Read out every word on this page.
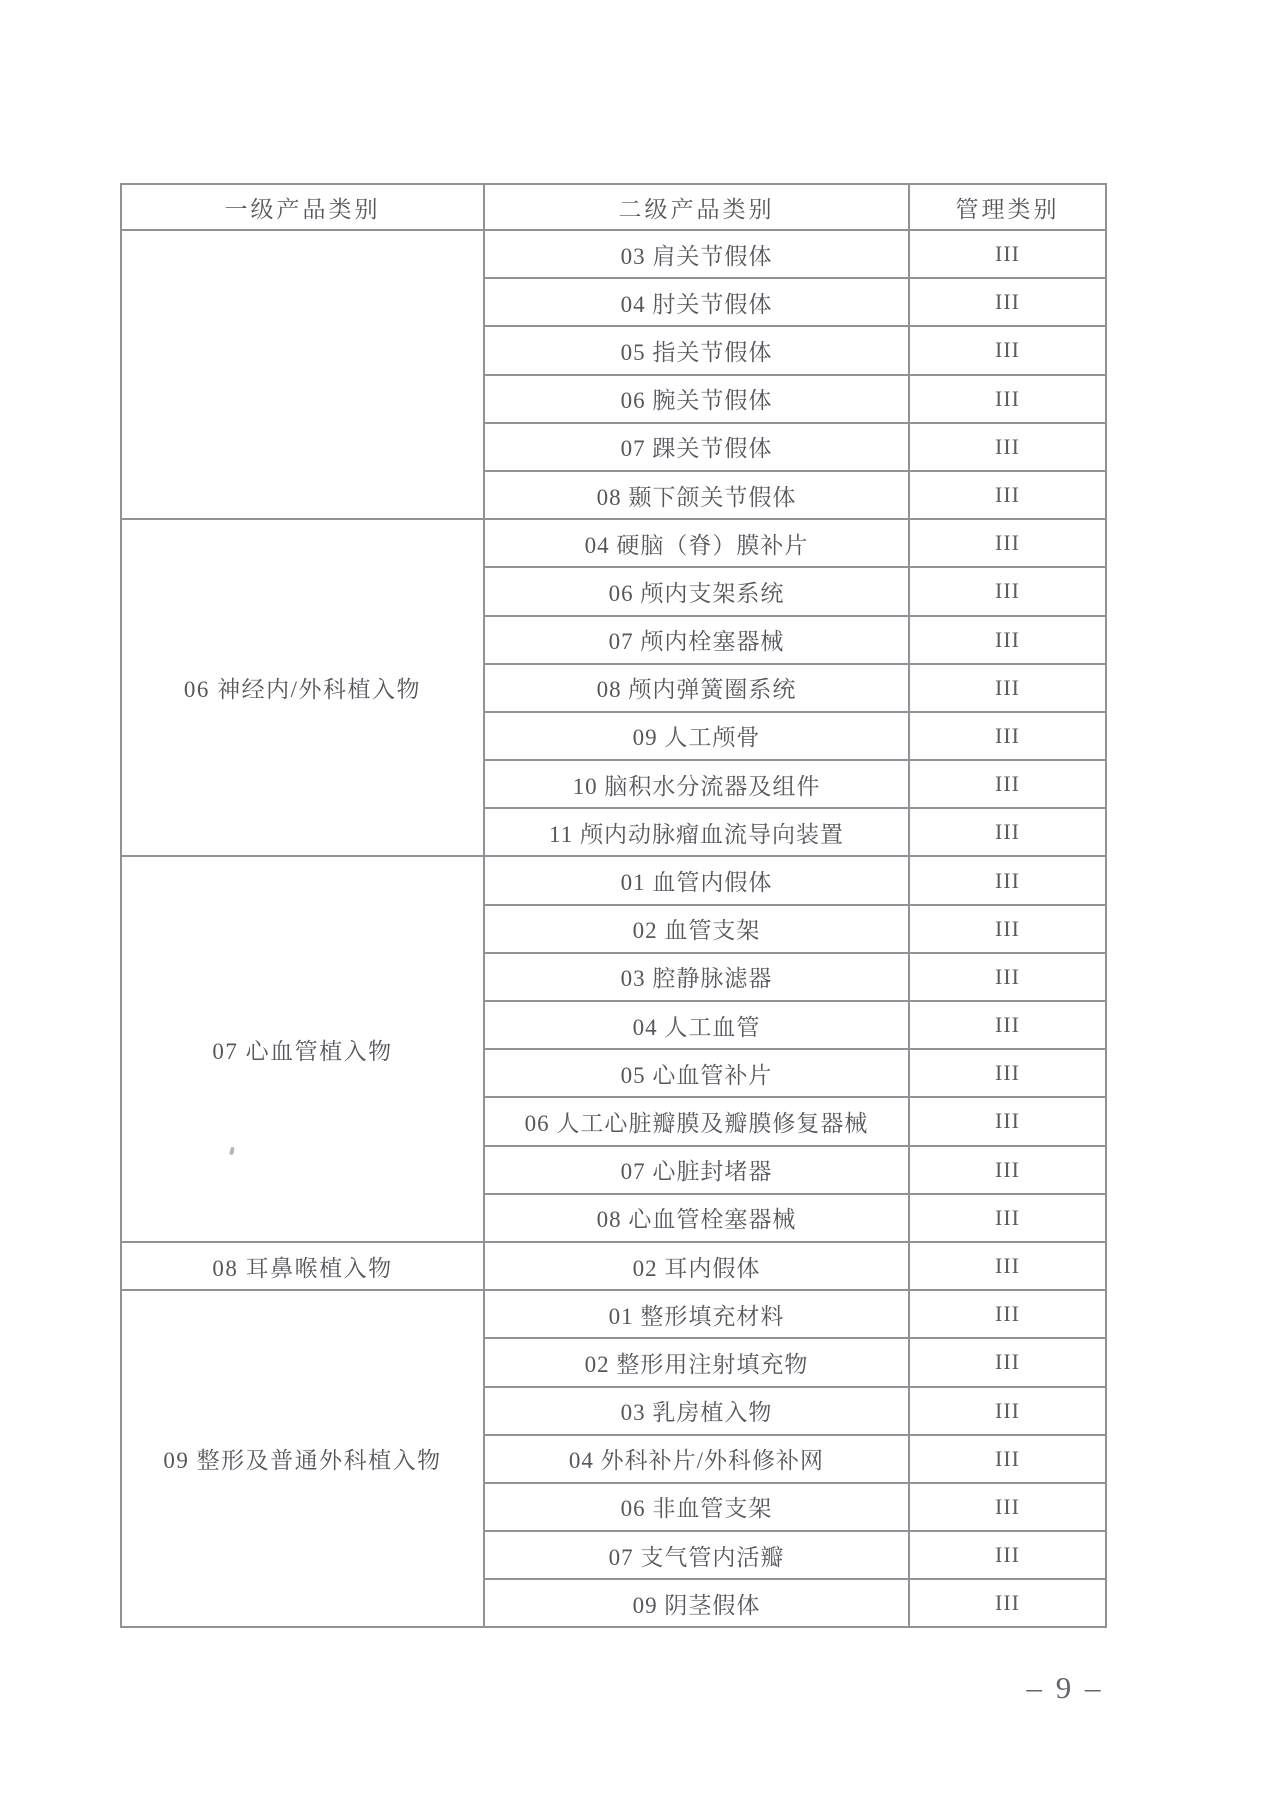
一级产品类别	二级产品类别	管理类别
	03 肩关节假体	III
	04 肘关节假体	III
	05 指关节假体	III
	06 腕关节假体	III
	07 踝关节假体	III
	08 颞下颌关节假体	III
06 神经内/外科植入物	04 硬脑（脊）膜补片	III
	06 颅内支架系统	III
	07 颅内栓塞器械	III
	08 颅内弹簧圈系统	III
	09 人工颅骨	III
	10 脑积水分流器及组件	III
	11 颅内动脉瘤血流导向装置	III
07 心血管植入物	01 血管内假体	III
	02 血管支架	III
	03 腔静脉滤器	III
	04 人工血管	III
	05 心血管补片	III
	06 人工心脏瓣膜及瓣膜修复器械	III
	07 心脏封堵器	III
	08 心血管栓塞器械	III
08 耳鼻喉植入物	02 耳内假体	III
09 整形及普通外科植入物	01 整形填充材料	III
	02 整形用注射填充物	III
	03 乳房植入物	III
	04 外科补片/外科修补网	III
	06 非血管支架	III
	07 支气管内活瓣	III
	09 阴茎假体	III
– 9 –
